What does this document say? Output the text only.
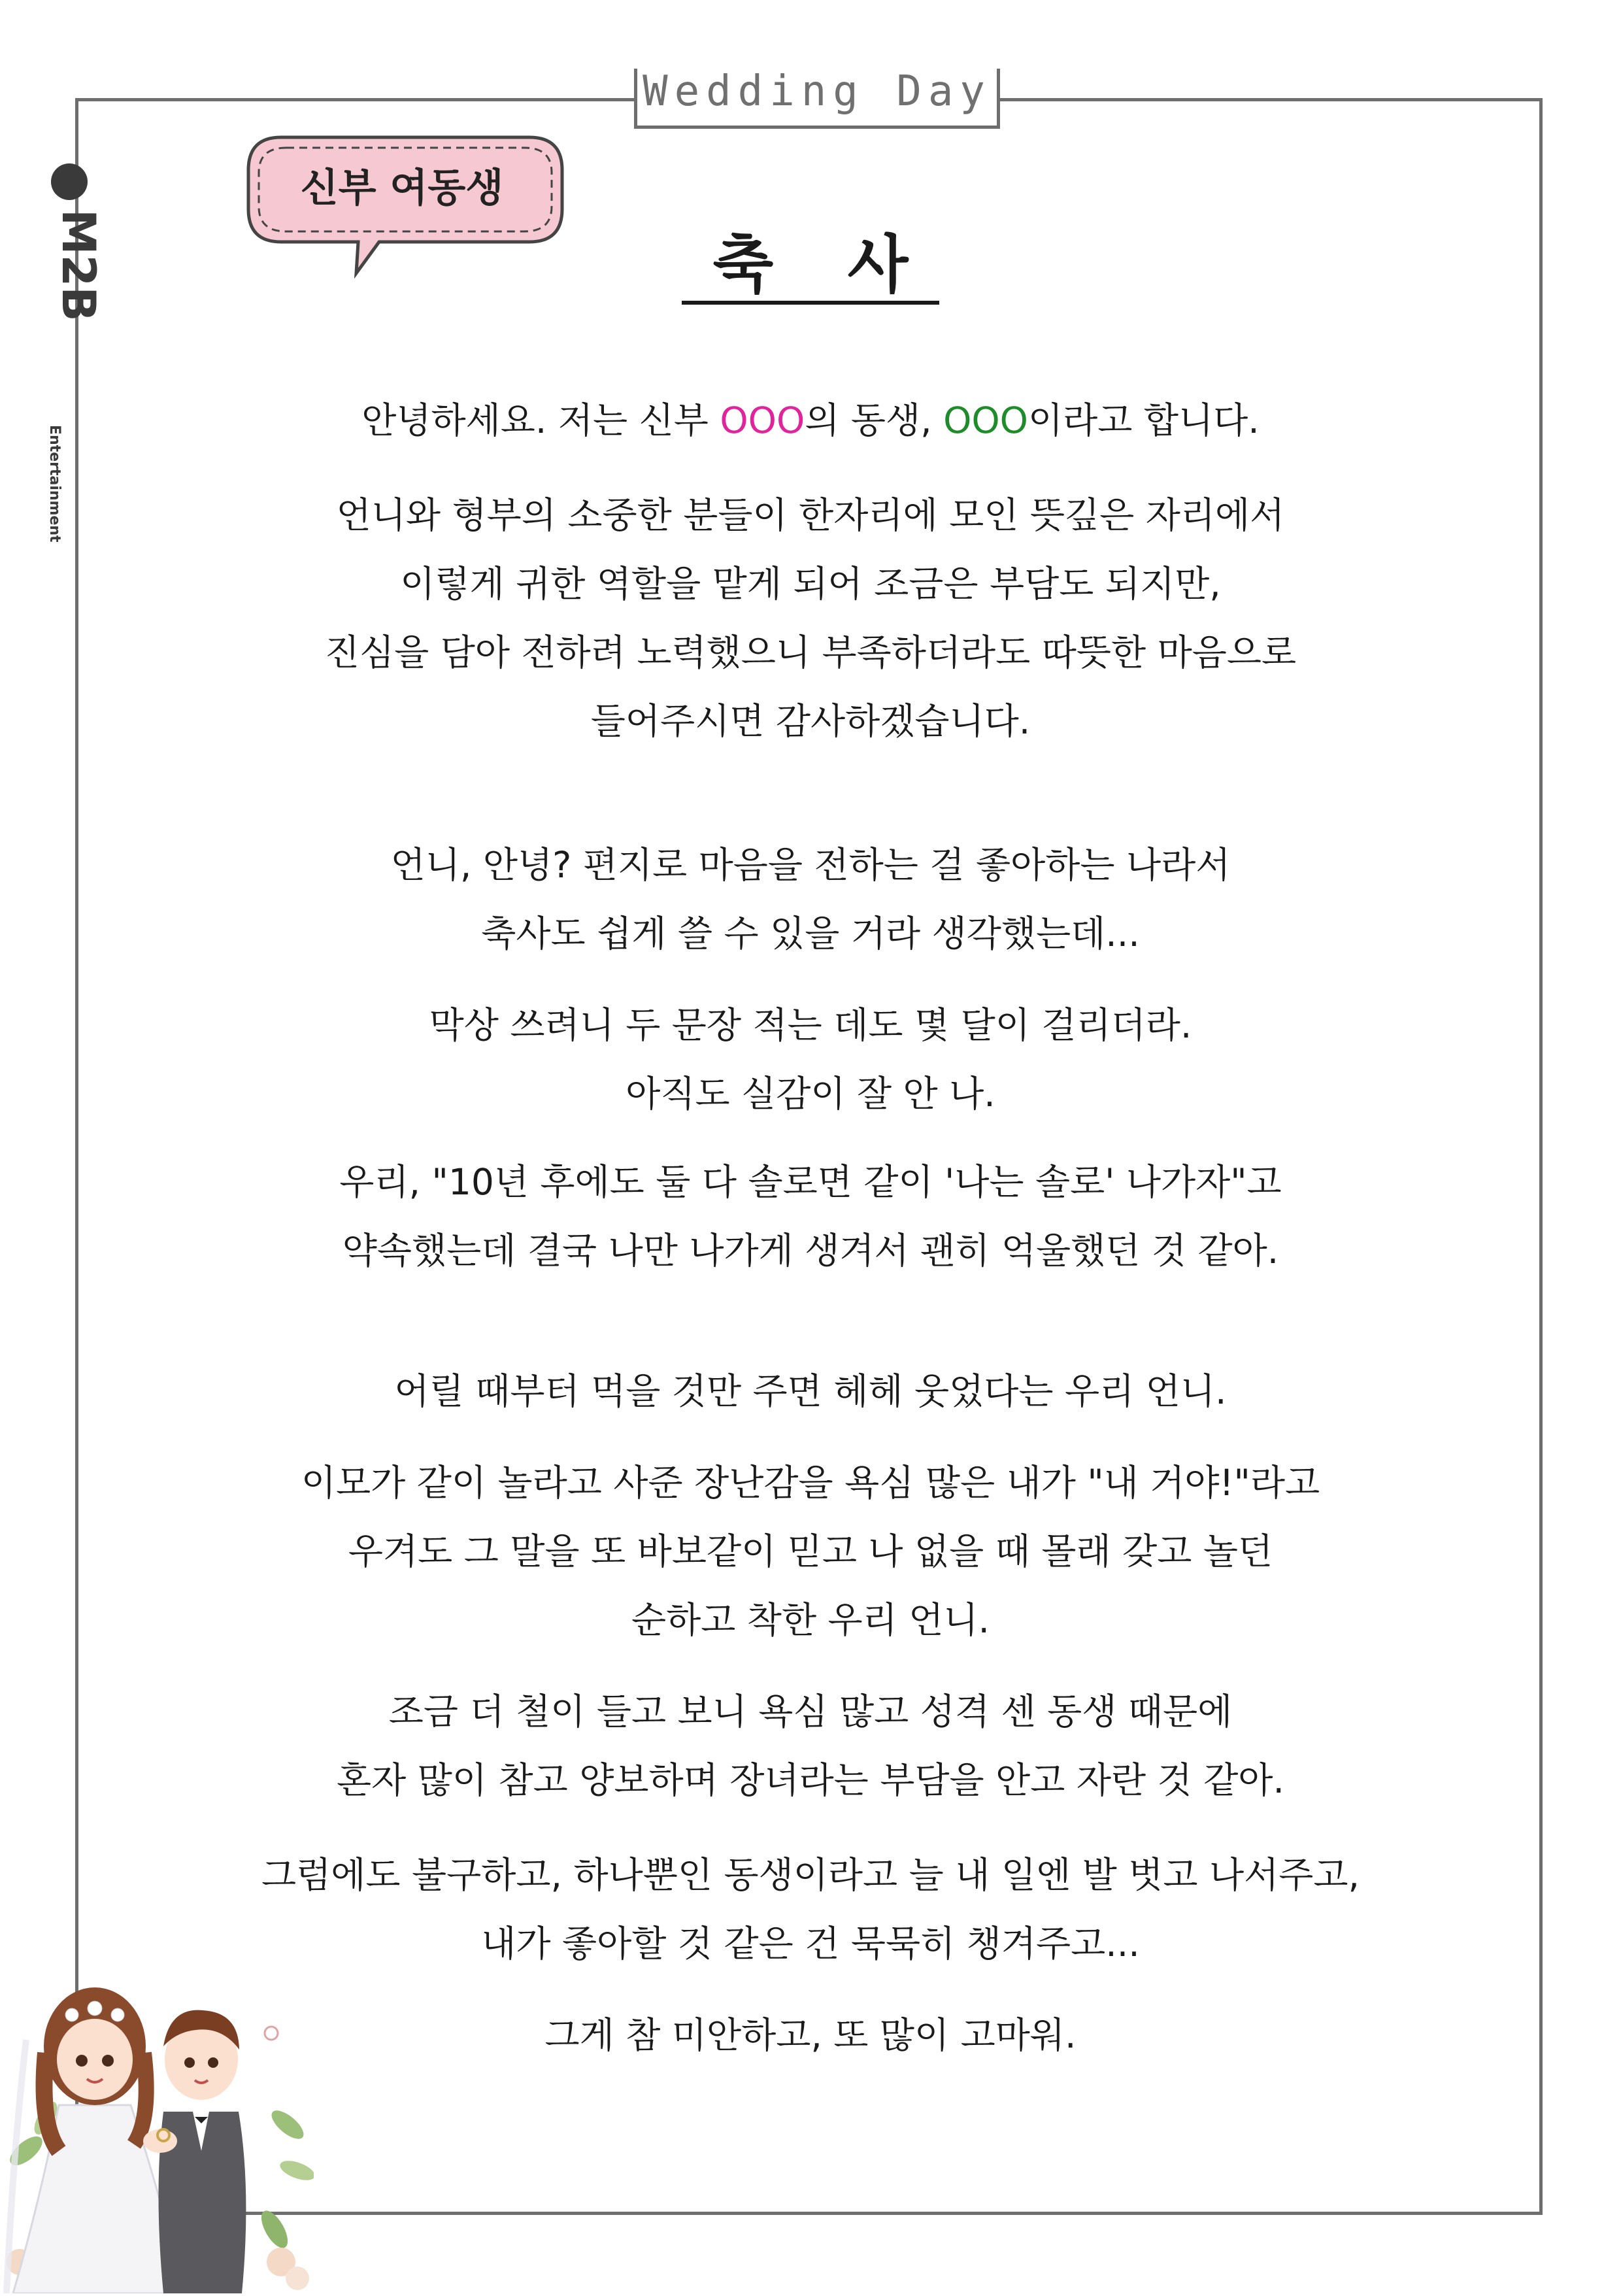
Wedding Day
M2B
Entertainment
신부 여동생
축 사
안녕하세요. 저는 신부 OOO의 동생, OOO이라고 합니다.
언니와 형부의 소중한 분들이 한자리에 모인 뜻깊은 자리에서
이렇게 귀한 역할을 맡게 되어 조금은 부담도 되지만,
진심을 담아 전하려 노력했으니 부족하더라도 따뜻한 마음으로
들어주시면 감사하겠습니다.
언니, 안녕? 편지로 마음을 전하는 걸 좋아하는 나라서
축사도 쉽게 쓸 수 있을 거라 생각했는데...
막상 쓰려니 두 문장 적는 데도 몇 달이 걸리더라.
아직도 실감이 잘 안 나.
우리, "10년 후에도 둘 다 솔로면 같이 '나는 솔로' 나가자"고
약속했는데 결국 나만 나가게 생겨서 괜히 억울했던 것 같아.
어릴 때부터 먹을 것만 주면 헤헤 웃었다는 우리 언니.
이모가 같이 놀라고 사준 장난감을 욕심 많은 내가 "내 거야!"라고
우겨도 그 말을 또 바보같이 믿고 나 없을 때 몰래 갖고 놀던
순하고 착한 우리 언니.
조금 더 철이 들고 보니 욕심 많고 성격 센 동생 때문에
혼자 많이 참고 양보하며 장녀라는 부담을 안고 자란 것 같아.
그럼에도 불구하고, 하나뿐인 동생이라고 늘 내 일엔 발 벗고 나서주고,
내가 좋아할 것 같은 건 묵묵히 챙겨주고...
그게 참 미안하고, 또 많이 고마워.
